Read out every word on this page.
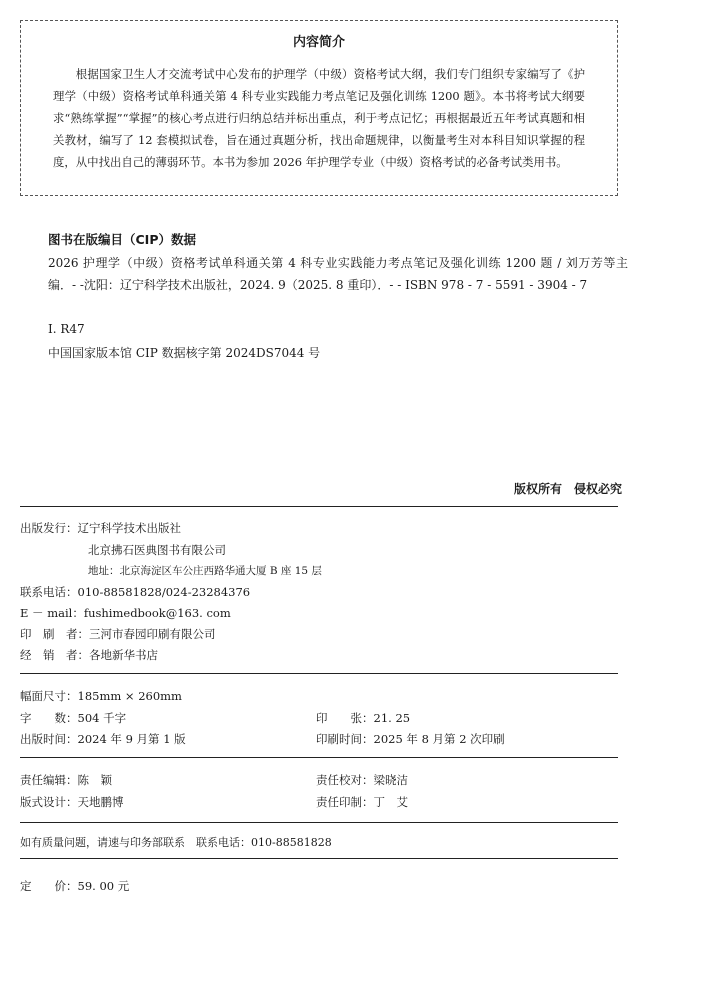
内容简介

根据国家卫生人才交流考试中心发布的护理学（中级）资格考试大纲，我们专门组织专家编写了《护理学（中级）资格考试单科通关第 4 科专业实践能力考点笔记及强化训练 1200 题》。本书将考试大纲要求“熟练掌握”“掌握”的核心考点进行归纳总结并标出重点，利于考点记忆；再根据最近五年考试真题和相关教材，编写了 12 套模拟试卷，旨在通过真题分析，找出命题规律，以衡量考生对本科目知识掌握的程度，从中找出自己的薄弱环节。本书为参加 2026 年护理学专业（中级）资格考试的必备考试类用书。

图书在版编目（CIP）数据

2026 护理学（中级）资格考试单科通关第 4 科专业实践能力考点笔记及强化训练 1200 题 / 刘万芳等主编．- -沈阳：辽宁科学技术出版社，2024. 9（2025. 8 重印）．- - ISBN 978 - 7 - 5591 - 3904 - 7

Ⅰ. R47
中国国家版本馆 CIP 数据核字第 2024DS7044 号
版权所有　侵权必究
出版发行：辽宁科学技术出版社
北京拂石医典图书有限公司
地址：北京海淀区车公庄西路华通大厦 B 座 15 层
联系电话：010-88581828/024-23284376
E － mail：fushimedbook@163. com
印　刷　者：三河市春园印刷有限公司
经　销　者：各地新华书店
幅面尺寸：185mm × 260mm
字　　数：504 千字	印　　张：21. 25
出版时间：2024 年 9 月第 1 版	印刷时间：2025 年 8 月第 2 次印刷
责任编辑：陈　颖	责任校对：梁晓洁
版式设计：天地鹏博	责任印制：丁　艾
如有质量问题，请速与印务部联系　联系电话：010-88581828
定　　价：59. 00 元
